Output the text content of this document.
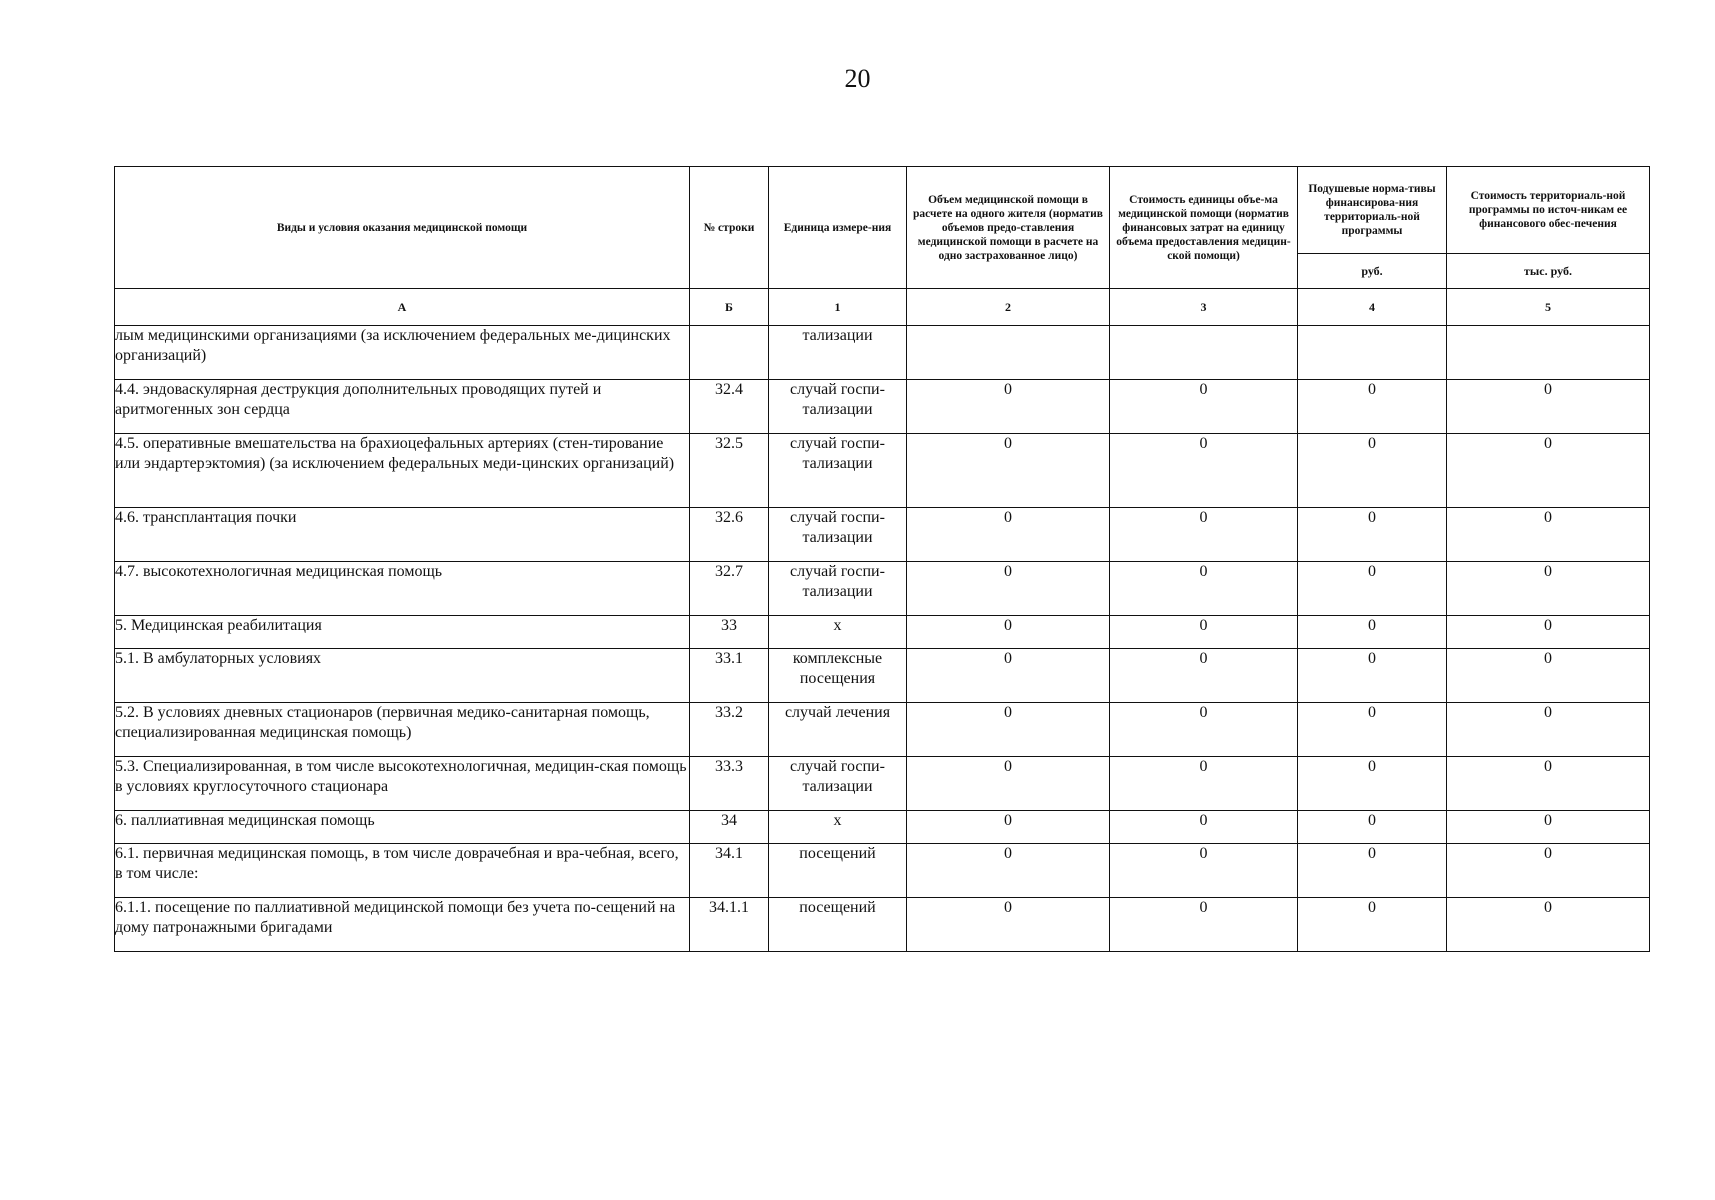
20
Виды и условия оказания медицинской помощи	№ строки	Единица измере-ния	Объем медицинской помощи в расчете на одного жителя (норматив объемов предо-ставления медицинской помощи в расчете на одно застрахованное лицо)	Стоимость единицы объе-ма медицинской помощи (норматив финансовых затрат на единицу объема предоставления медицин-ской помощи)	Подушевые норма-тивы финансирова-ния территориаль-ной программы	Стоимость территориаль-ной программы по источ-никам ее финансового обес-печения
					руб.	тыс. руб.
А	Б	1	2	3	4	5
лым медицинскими организациями (за исключением федеральных ме-дицинских организаций)		тализации				
4.4. эндоваскулярная деструкция дополнительных проводящих путей и аритмогенных зон сердца	32.4	случай госпи-тализации	0	0	0	0
4.5. оперативные вмешательства на брахиоцефальных артериях (стен-тирование или эндартерэктомия) (за исключением федеральных меди-цинских организаций)	32.5	случай госпи-тализации	0	0	0	0
4.6. трансплантация почки	32.6	случай госпи-тализации	0	0	0	0
4.7. высокотехнологичная медицинская помощь	32.7	случай госпи-тализации	0	0	0	0
5. Медицинская реабилитация	33	х	0	0	0	0
5.1. В амбулаторных условиях	33.1	комплексные посещения	0	0	0	0
5.2. В условиях дневных стационаров (первичная медико-санитарная помощь, специализированная медицинская помощь)	33.2	случай лечения	0	0	0	0
5.3. Специализированная, в том числе высокотехнологичная, медицин-ская помощь в условиях круглосуточного стационара	33.3	случай госпи-тализации	0	0	0	0
6. паллиативная медицинская помощь	34	х	0	0	0	0
6.1. первичная медицинская помощь, в том числе доврачебная и вра-чебная, всего, в том числе:	34.1	посещений	0	0	0	0
6.1.1. посещение по паллиативной медицинской помощи без учета по-сещений на дому патронажными бригадами	34.1.1	посещений	0	0	0	0
